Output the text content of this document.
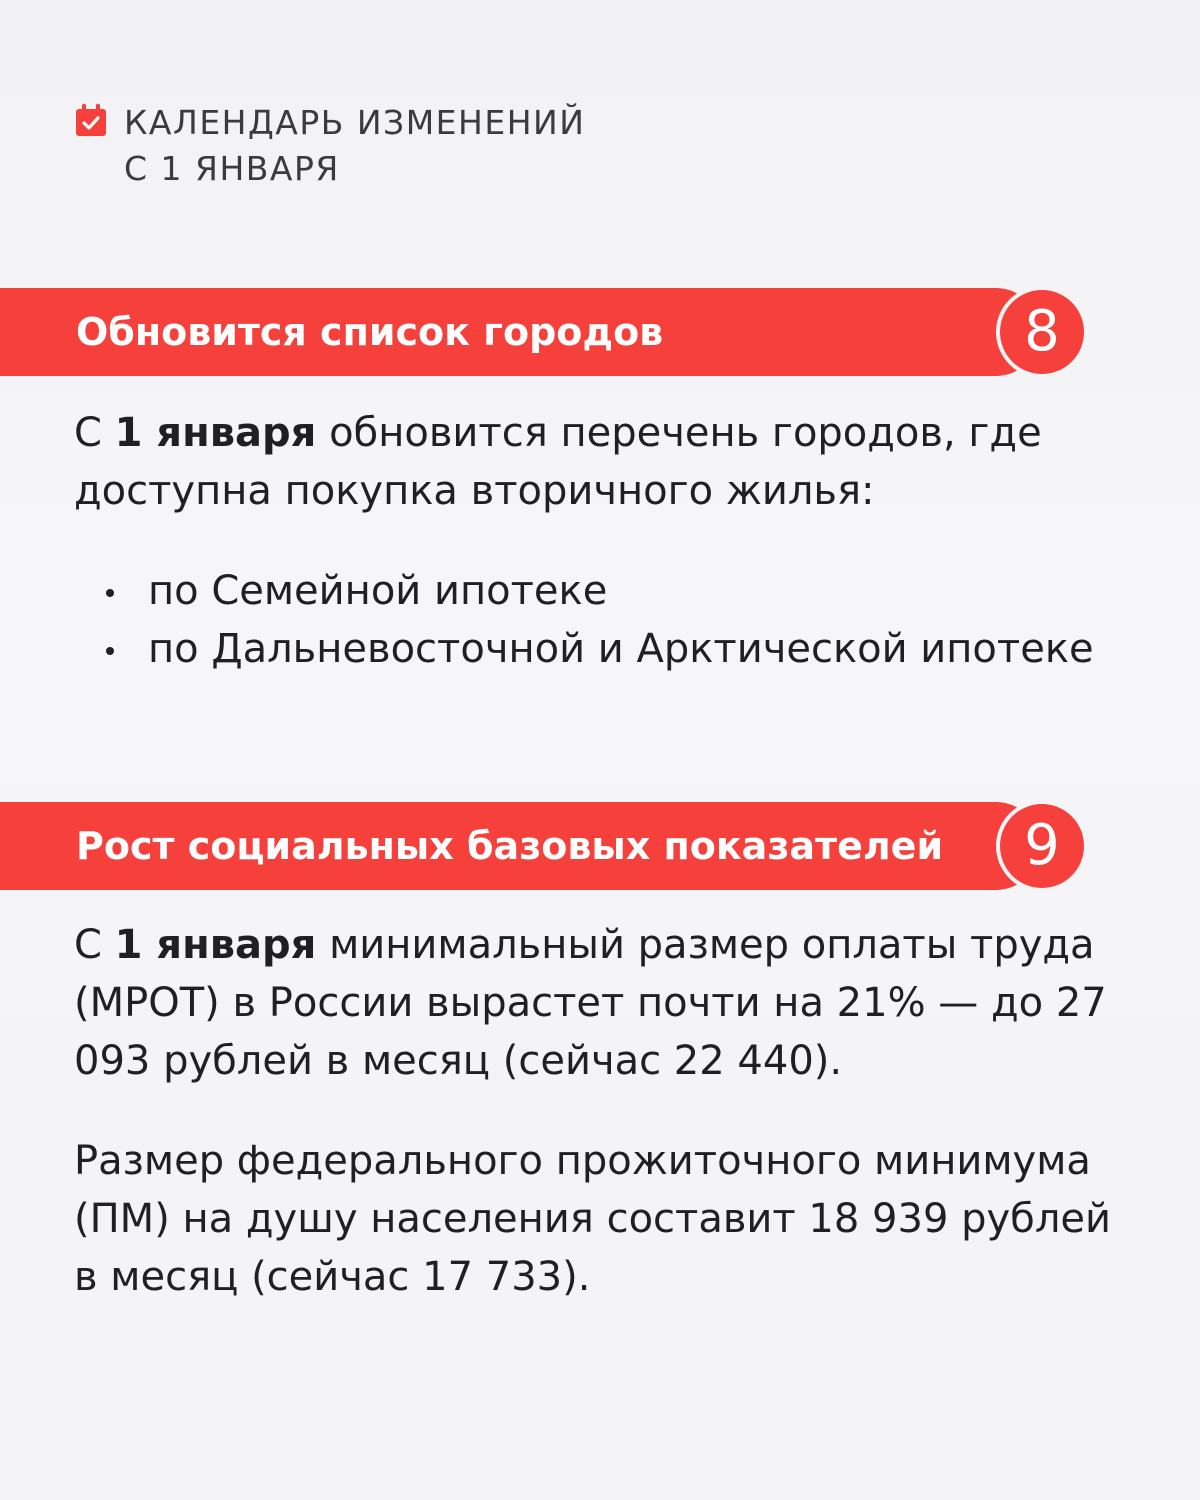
КАЛЕНДАРЬ ИЗМЕНЕНИЙ
С 1 ЯНВАРЯ
Обновится список городов	8
С 1 января обновится перечень городов, где доступна покупка вторичного жилья:
по Семейной ипотеке
по Дальневосточной и Арктической ипотеке
Рост социальных базовых показателей	9
С 1 января минимальный размер оплаты труда (МРОТ) в России вырастет почти на 21% — до 27 093 рублей в месяц (сейчас 22 440).
Размер федерального прожиточного минимума (ПМ) на душу населения составит 18 939 рублей в месяц (сейчас 17 733).
